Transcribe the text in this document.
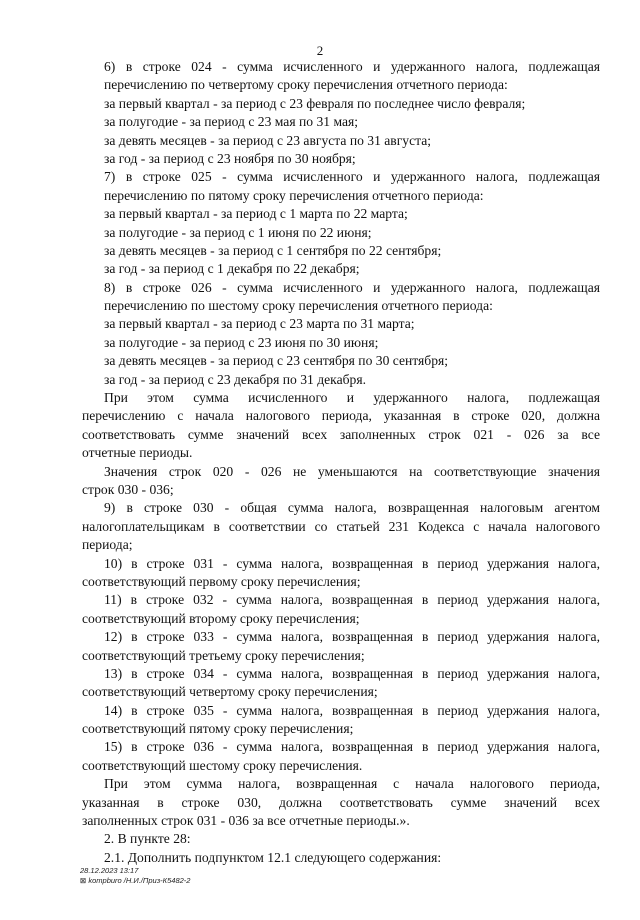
2
6) в строке 024 - сумма исчисленного и удержанного налога, подлежащая
перечислению по четвертому сроку перечисления отчетного периода:
за первый квартал - за период с 23 февраля по последнее число февраля;
за полугодие - за период с 23 мая по 31 мая;
за девять месяцев - за период с 23 августа по 31 августа;
за год - за период с 23 ноября по 30 ноября;
7) в строке 025 - сумма исчисленного и удержанного налога, подлежащая
перечислению по пятому сроку перечисления отчетного периода:
за первый квартал - за период с 1 марта по 22 марта;
за полугодие - за период с 1 июня по 22 июня;
за девять месяцев - за период с 1 сентября по 22 сентября;
за год - за период с 1 декабря по 22 декабря;
8) в строке 026 - сумма исчисленного и удержанного налога, подлежащая
перечислению по шестому сроку перечисления отчетного периода:
за первый квартал - за период с 23 марта по 31 марта;
за полугодие - за период с 23 июня по 30 июня;
за девять месяцев - за период с 23 сентября по 30 сентября;
за год - за период с 23 декабря по 31 декабря.
При этом сумма исчисленного и удержанного налога, подлежащая
перечислению с начала налогового периода, указанная в строке 020, должна
соответствовать сумме значений всех заполненных строк 021 - 026 за все
отчетные периоды.
Значения строк 020 - 026 не уменьшаются на соответствующие значения
строк 030 - 036;
9) в строке 030 - общая сумма налога, возвращенная налоговым агентом
налогоплательщикам в соответствии со статьей 231 Кодекса с начала налогового
периода;
10) в строке 031 - сумма налога, возвращенная в период удержания налога,
соответствующий первому сроку перечисления;
11) в строке 032 - сумма налога, возвращенная в период удержания налога,
соответствующий второму сроку перечисления;
12) в строке 033 - сумма налога, возвращенная в период удержания налога,
соответствующий третьему сроку перечисления;
13) в строке 034 - сумма налога, возвращенная в период удержания налога,
соответствующий четвертому сроку перечисления;
14) в строке 035 - сумма налога, возвращенная в период удержания налога,
соответствующий пятому сроку перечисления;
15) в строке 036 - сумма налога, возвращенная в период удержания налога,
соответствующий шестому сроку перечисления.
При этом сумма налога, возвращенная с начала налогового периода,
указанная в строке 030, должна соответствовать сумме значений всех
заполненных строк 031 - 036 за все отчетные периоды.».
2. В пункте 28:
2.1. Дополнить подпунктом 12.1 следующего содержания:
28.12.2023 13:17
⊠ kompburo /Н.И./Приз-К5482-2
